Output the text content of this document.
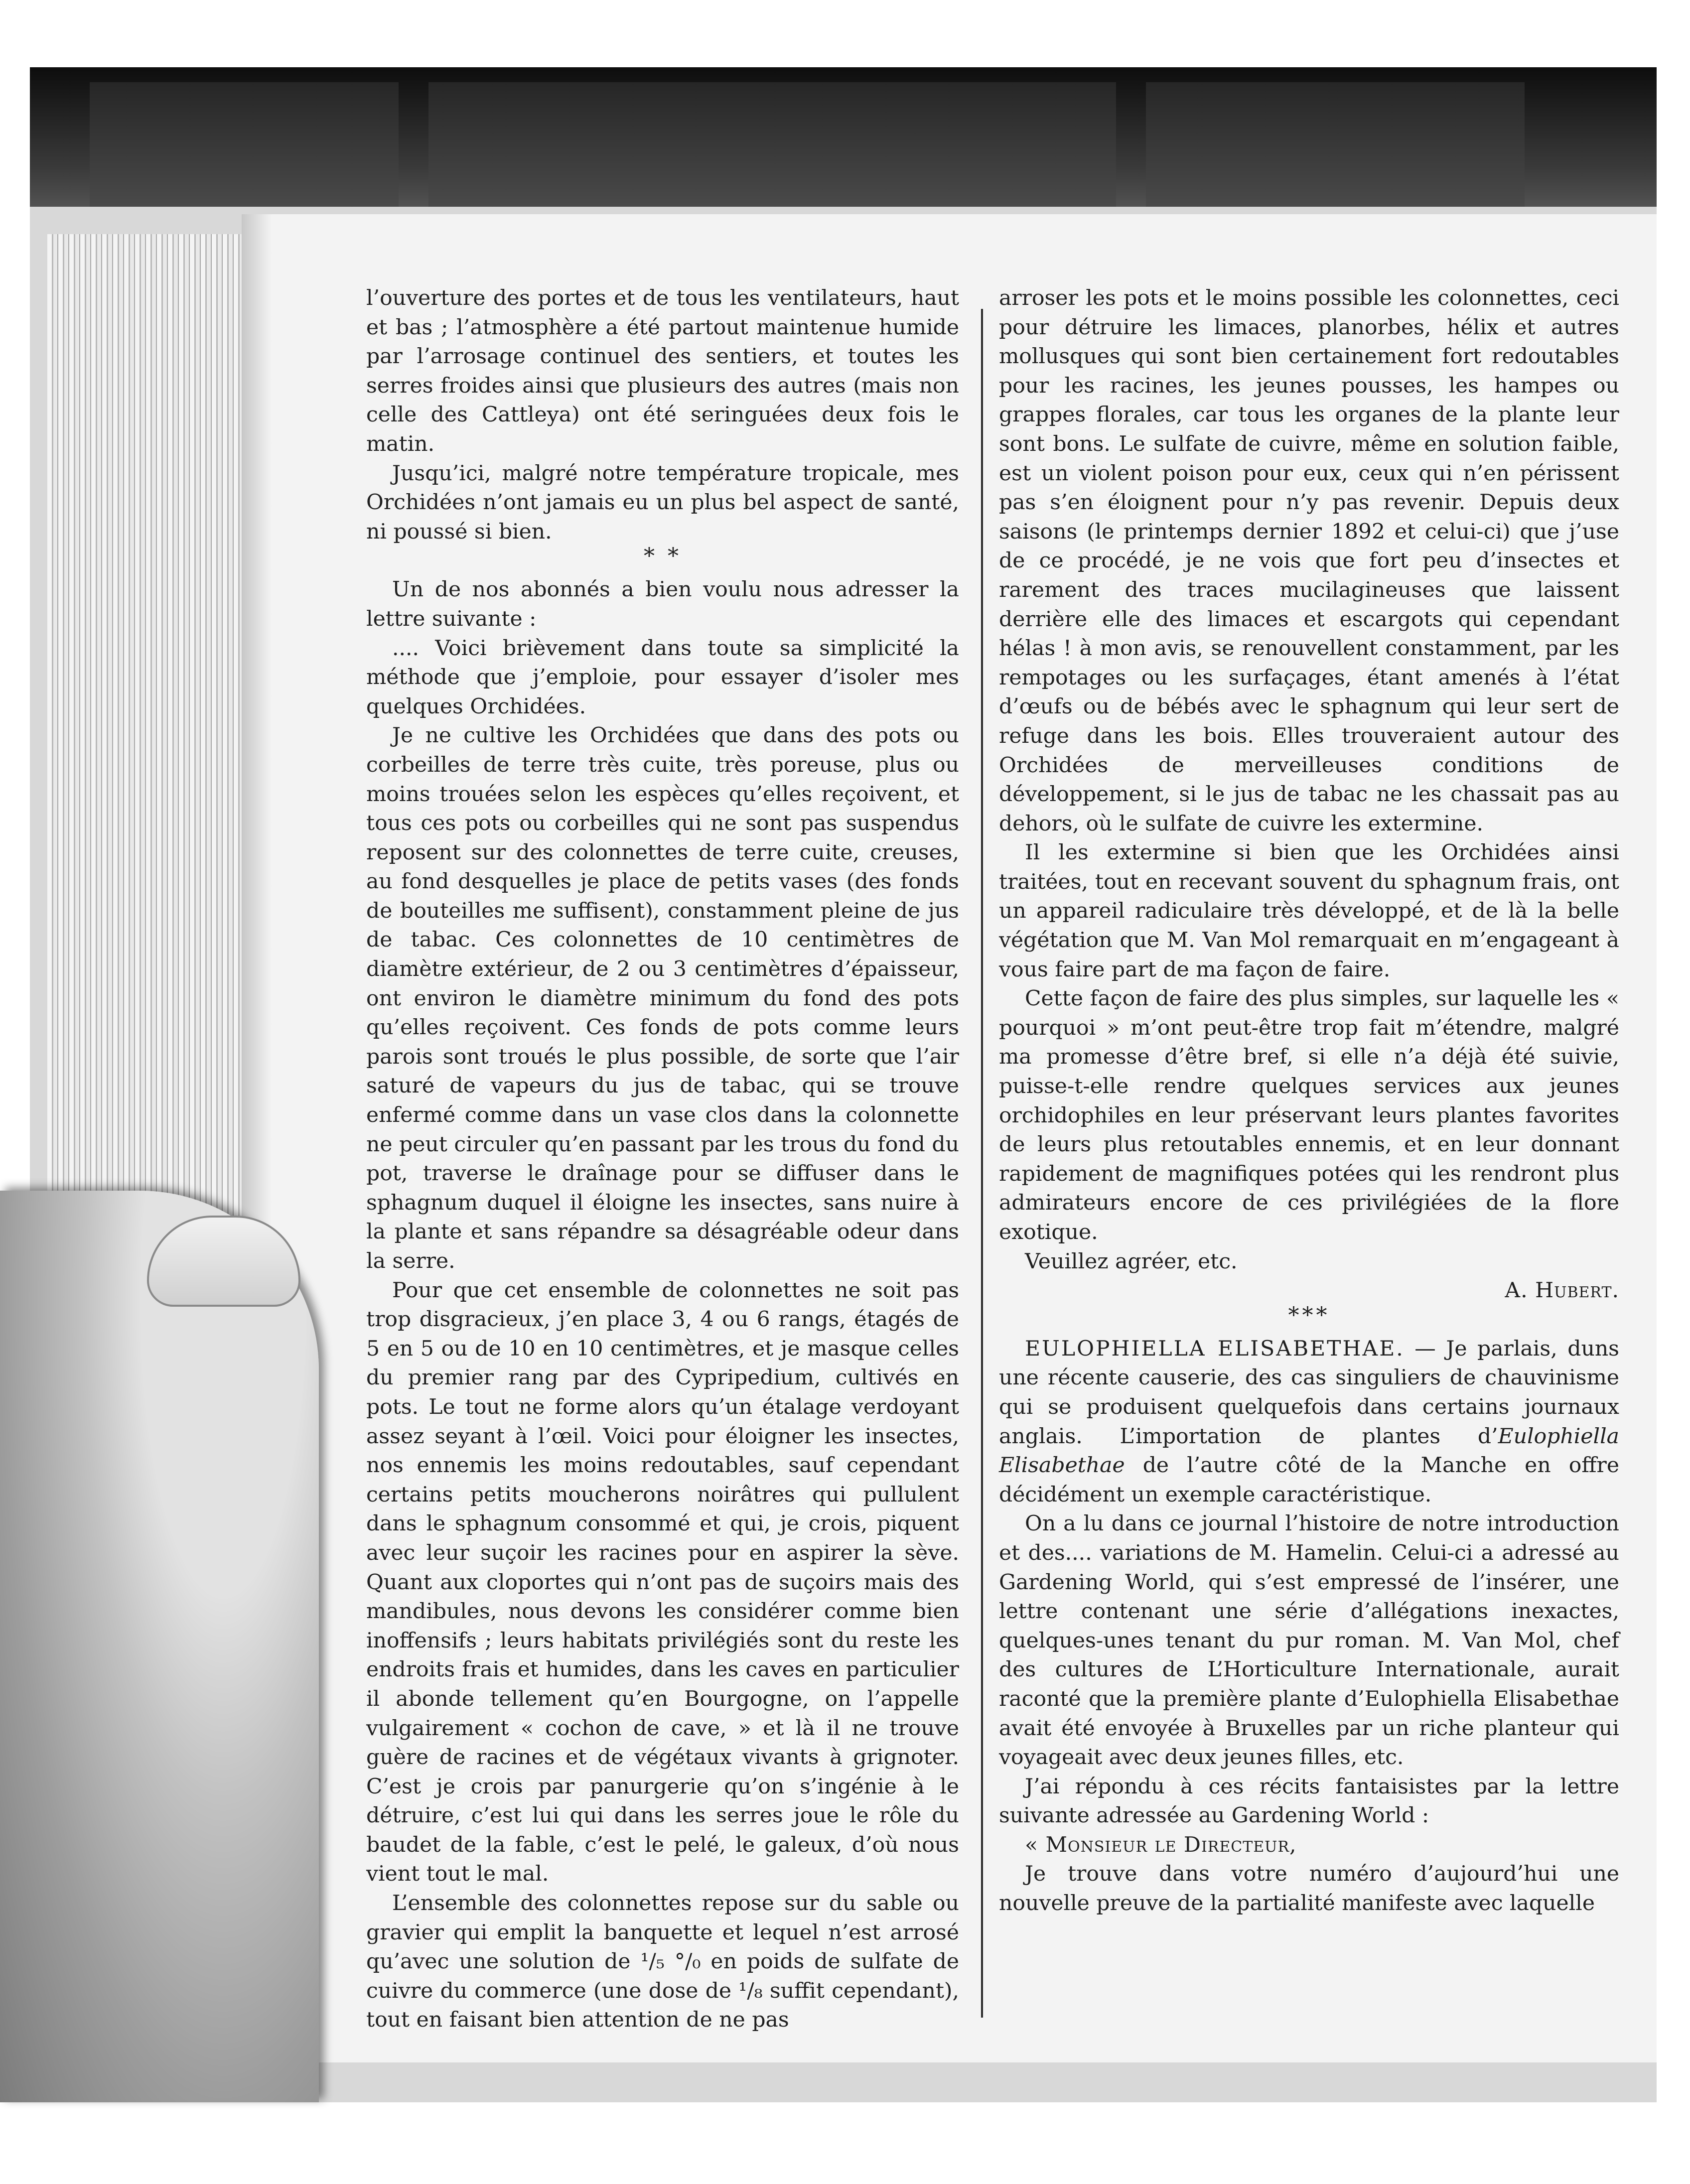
l’ouverture des portes et de tous les ventilateurs, haut et bas ; l’atmosphère a été partout maintenue humide par l’arrosage continuel des sentiers, et toutes les serres froides ainsi que plusieurs des autres (mais non celle des Cattleya) ont été seringuées deux fois le matin.

Jusqu’ici, malgré notre température tropicale, mes Orchidées n’ont jamais eu un plus bel aspect de santé, ni poussé si bien.

* *

Un de nos abonnés a bien voulu nous adresser la lettre suivante :

.... Voici brièvement dans toute sa simplicité la méthode que j’emploie, pour essayer d’isoler mes quelques Orchidées.

Je ne cultive les Orchidées que dans des pots ou corbeilles de terre très cuite, très poreuse, plus ou moins trouées selon les espèces qu’elles reçoivent, et tous ces pots ou corbeilles qui ne sont pas suspendus reposent sur des colonnettes de terre cuite, creuses, au fond desquelles je place de petits vases (des fonds de bouteilles me suffisent), constamment pleine de jus de tabac. Ces colonnettes de 10 centimètres de diamètre extérieur, de 2 ou 3 centimètres d’épaisseur, ont environ le diamètre minimum du fond des pots qu’elles reçoivent. Ces fonds de pots comme leurs parois sont troués le plus possible, de sorte que l’air saturé de vapeurs du jus de tabac, qui se trouve enfermé comme dans un vase clos dans la colonnette ne peut circuler qu’en passant par les trous du fond du pot, traverse le draînage pour se diffuser dans le sphagnum duquel il éloigne les insectes, sans nuire à la plante et sans répandre sa désagréable odeur dans la serre.

Pour que cet ensemble de colonnettes ne soit pas trop disgracieux, j’en place 3, 4 ou 6 rangs, étagés de 5 en 5 ou de 10 en 10 centimètres, et je masque celles du premier rang par des Cypripedium, cultivés en pots. Le tout ne forme alors qu’un étalage verdoyant assez seyant à l’œil. Voici pour éloigner les insectes, nos ennemis les moins redoutables, sauf cependant certains petits moucherons noirâtres qui pullulent dans le sphagnum consommé et qui, je crois, piquent avec leur suçoir les racines pour en aspirer la sève. Quant aux cloportes qui n’ont pas de suçoirs mais des mandibules, nous devons les considérer comme bien inoffensifs ; leurs habitats privilégiés sont du reste les endroits frais et humides, dans les caves en particulier il abonde tellement qu’en Bourgogne, on l’appelle vulgairement « cochon de cave, » et là il ne trouve guère de racines et de végétaux vivants à grignoter. C’est je crois par panurgerie qu’on s’ingénie à le détruire, c’est lui qui dans les serres joue le rôle du baudet de la fable, c’est le pelé, le galeux, d’où nous vient tout le mal.

L’ensemble des colonnettes repose sur du sable ou gravier qui emplit la banquette et lequel n’est arrosé qu’avec une solution de ¹/₅ °/₀ en poids de sulfate de cuivre du commerce (une dose de ¹/₈ suffit cependant), tout en faisant bien attention de ne pas

arroser les pots et le moins possible les colonnettes, ceci pour détruire les limaces, planorbes, hélix et autres mollusques qui sont bien certainement fort redoutables pour les racines, les jeunes pousses, les hampes ou grappes florales, car tous les organes de la plante leur sont bons. Le sulfate de cuivre, même en solution faible, est un violent poison pour eux, ceux qui n’en périssent pas s’en éloignent pour n’y pas revenir. Depuis deux saisons (le printemps dernier 1892 et celui-ci) que j’use de ce procédé, je ne vois que fort peu d’insectes et rarement des traces mucilagineuses que laissent derrière elle des limaces et escargots qui cependant hélas ! à mon avis, se renouvellent constamment, par les rempotages ou les surfaçages, étant amenés à l’état d’œufs ou de bébés avec le sphagnum qui leur sert de refuge dans les bois. Elles trouveraient autour des Orchidées de merveilleuses conditions de développement, si le jus de tabac ne les chassait pas au dehors, où le sulfate de cuivre les extermine.

Il les extermine si bien que les Orchidées ainsi traitées, tout en recevant souvent du sphagnum frais, ont un appareil radiculaire très développé, et de là la belle végétation que M. Van Mol remarquait en m’engageant à vous faire part de ma façon de faire.

Cette façon de faire des plus simples, sur laquelle les « pourquoi » m’ont peut-être trop fait m’étendre, malgré ma promesse d’être bref, si elle n’a déjà été suivie, puisse-t-elle rendre quelques services aux jeunes orchidophiles en leur préservant leurs plantes favorites de leurs plus retoutables ennemis, et en leur donnant rapidement de magnifiques potées qui les rendront plus admirateurs encore de ces privilégiées de la flore exotique.

Veuillez agréer, etc.

A. Hubert.

***

EULOPHIELLA ELISABETHAE. — Je parlais, duns une récente causerie, des cas singuliers de chauvinisme qui se produisent quelquefois dans certains journaux anglais. L’importation de plantes d’Eulophiella Elisabethae de l’autre côté de la Manche en offre décidément un exemple caractéristique.

On a lu dans ce journal l’histoire de notre introduction et des.... variations de M. Hamelin. Celui-ci a adressé au Gardening World, qui s’est empressé de l’insérer, une lettre contenant une série d’allégations inexactes, quelques-unes tenant du pur roman. M. Van Mol, chef des cultures de L’Horticulture Internationale, aurait raconté que la première plante d’Eulophiella Elisabethae avait été envoyée à Bruxelles par un riche planteur qui voyageait avec deux jeunes filles, etc.

J’ai répondu à ces récits fantaisistes par la lettre suivante adressée au Gardening World :

« Monsieur le Directeur,

Je trouve dans votre numéro d’aujourd’hui une nouvelle preuve de la partialité manifeste avec laquelle
